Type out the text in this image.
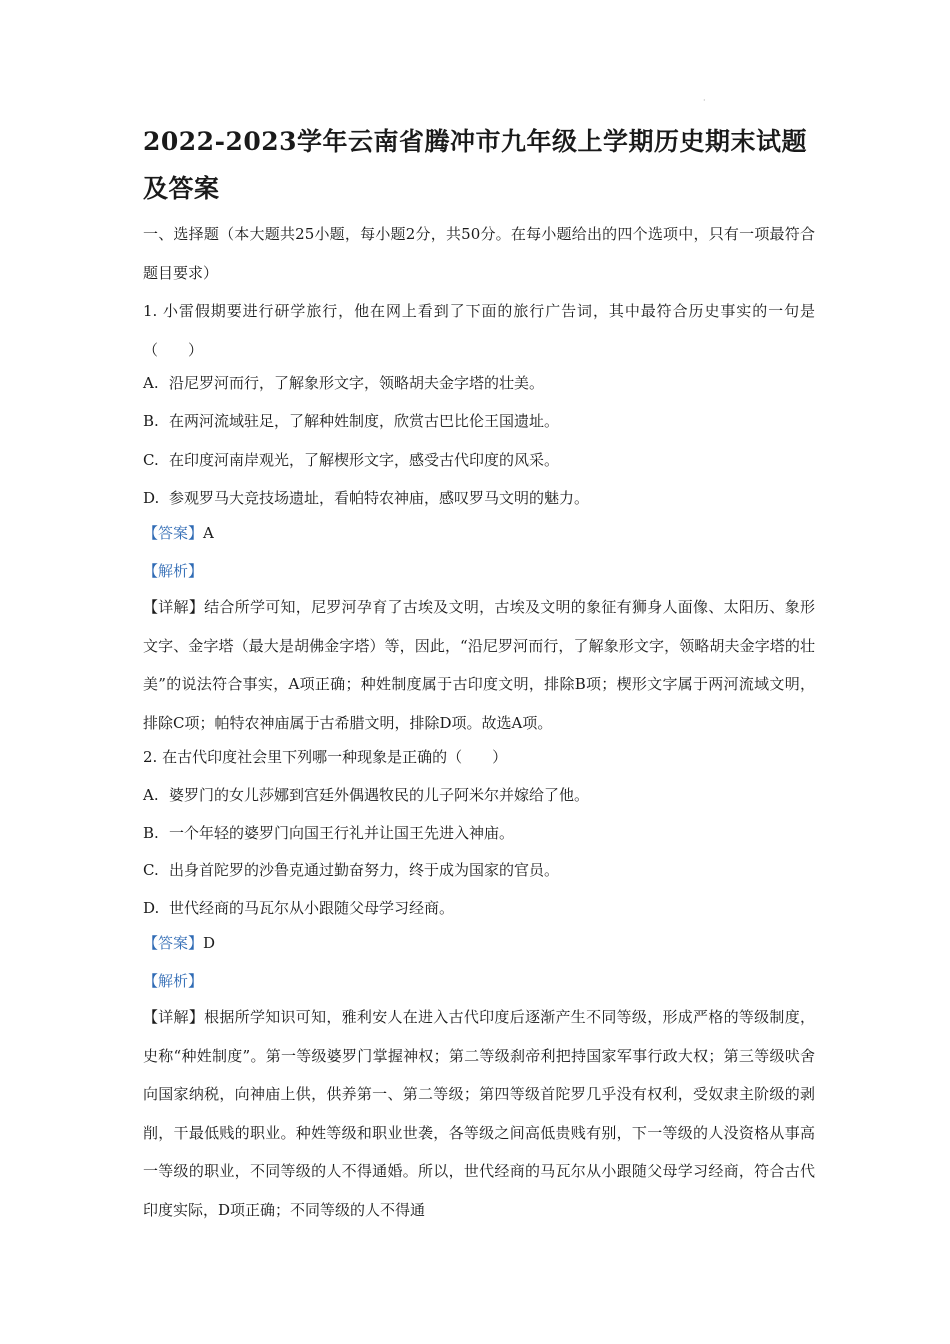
·
2022-2023学年云南省腾冲市九年级上学期历史期末试题及答案
一、选择题（本大题共25小题，每小题2分，共50分。在每小题给出的四个选项中，只有一项最符合题目要求）
1. 小雷假期要进行研学旅行，他在网上看到了下面的旅行广告词，其中最符合历史事实的一句是（　　）
A. 沿尼罗河而行，了解象形文字，领略胡夫金字塔的壮美。
B. 在两河流域驻足，了解种姓制度，欣赏古巴比伦王国遗址。
C. 在印度河南岸观光，了解楔形文字，感受古代印度的风采。
D. 参观罗马大竞技场遗址，看帕特农神庙，感叹罗马文明的魅力。
【答案】A
【解析】
【详解】结合所学可知，尼罗河孕育了古埃及文明，古埃及文明的象征有狮身人面像、太阳历、象形文字、金字塔（最大是胡佛金字塔）等，因此，“沿尼罗河而行，了解象形文字，领略胡夫金字塔的壮美”的说法符合事实，A项正确；种姓制度属于古印度文明，排除B项；楔形文字属于两河流域文明，排除C项；帕特农神庙属于古希腊文明，排除D项。故选A项。
2. 在古代印度社会里下列哪一种现象是正确的（　　）
A. 婆罗门的女儿莎娜到宫廷外偶遇牧民的儿子阿米尔并嫁给了他。
B. 一个年轻的婆罗门向国王行礼并让国王先进入神庙。
C. 出身首陀罗的沙鲁克通过勤奋努力，终于成为国家的官员。
D. 世代经商的马瓦尔从小跟随父母学习经商。
【答案】D
【解析】
【详解】根据所学知识可知，雅利安人在进入古代印度后逐渐产生不同等级，形成严格的等级制度，史称“种姓制度”。第一等级婆罗门掌握神权；第二等级刹帝利把持国家军事行政大权；第三等级吠舍向国家纳税，向神庙上供，供养第一、第二等级；第四等级首陀罗几乎没有权利，受奴隶主阶级的剥削，干最低贱的职业。种姓等级和职业世袭，各等级之间高低贵贱有别，下一等级的人没资格从事高一等级的职业，不同等级的人不得通婚。所以，世代经商的马瓦尔从小跟随父母学习经商，符合古代印度实际，D项正确；不同等级的人不得通
